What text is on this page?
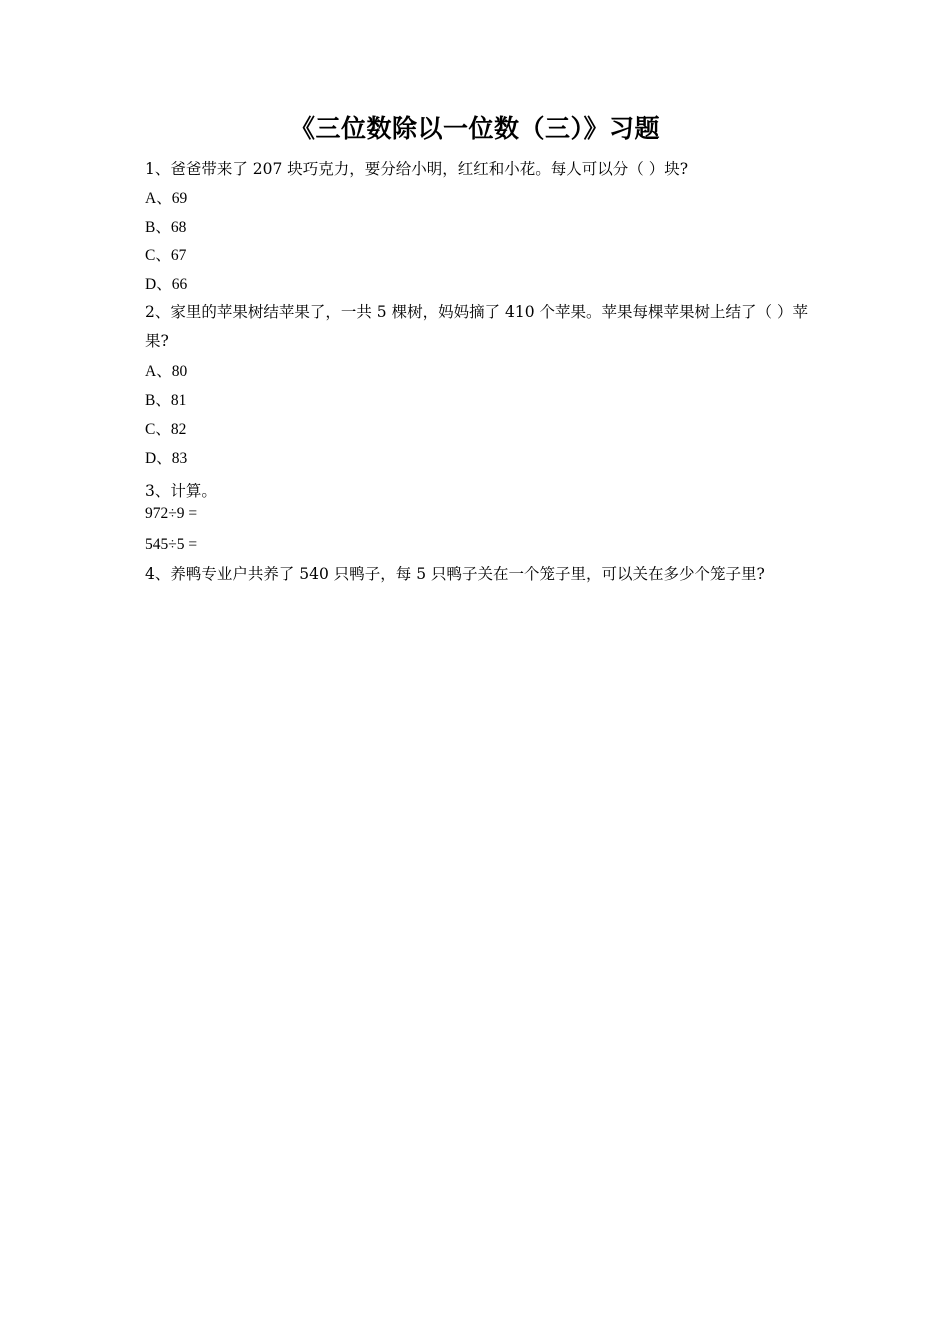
《三位数除以一位数（三）》习题
1、爸爸带来了 207 块巧克力，要分给小明，红红和小花。每人可以分（ ）块?
A、69
B、68
C、67
D、66
2、家里的苹果树结苹果了，一共 5 棵树，妈妈摘了 410 个苹果。苹果每棵苹果树上结了（ ）苹果?
A、80
B、81
C、82
D、83
3、计算。
972÷9 =
545÷5 =
4、养鸭专业户共养了 540 只鸭子，每 5 只鸭子关在一个笼子里，可以关在多少个笼子里?
